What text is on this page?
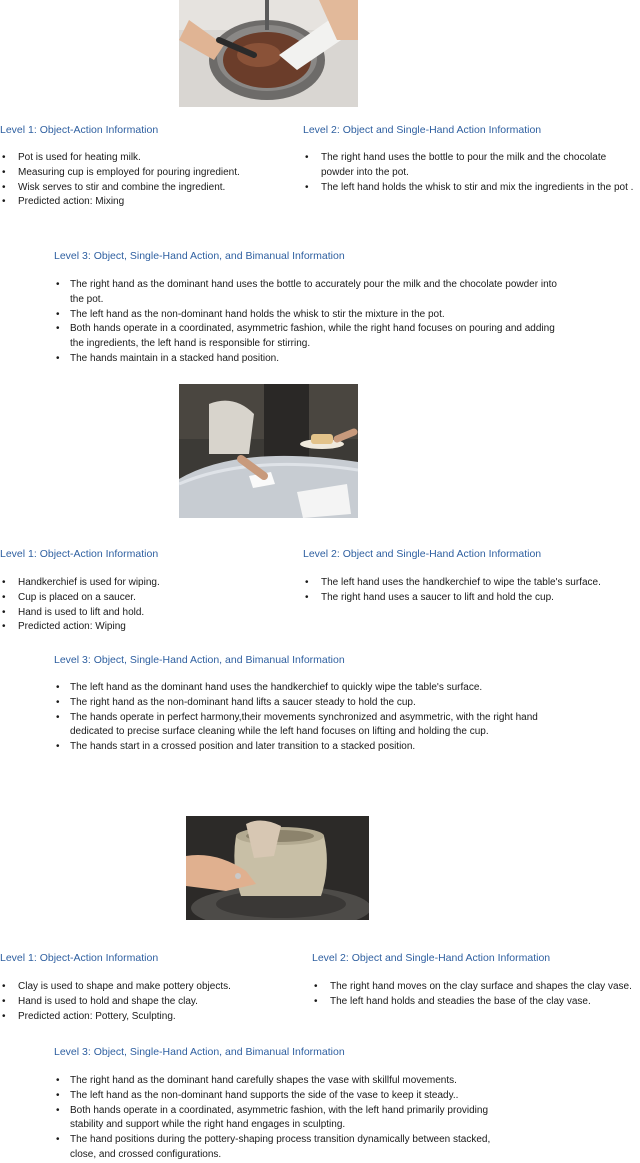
Level 1: Object-Action Information
• Pot is used for heating milk.
• Measuring cup is employed for pouring ingredient.
• Wisk serves to stir and combine the ingredient.
• Predicted action: Mixing
Level 2: Object and Single-Hand Action Information
• The right hand uses the bottle to pour the milk and the chocolate powder into the pot.
• The left hand holds the whisk to stir and mix the ingredients in the pot .
Level 3: Object, Single-Hand Action, and Bimanual Information
• The right hand as the dominant hand uses the bottle to accurately pour the milk and the chocolate powder into the pot.
• The left hand as the non-dominant hand holds the whisk to stir the mixture in the pot.
• Both hands operate in a coordinated, asymmetric fashion, while the right hand focuses on pouring and adding the ingredients, the left hand is responsible for stirring.
• The hands maintain in a stacked hand position.
Level 1: Object-Action Information
• Handkerchief is used for wiping.
• Cup is placed on a saucer.
• Hand is used to lift and hold.
• Predicted action: Wiping
Level 2: Object and Single-Hand Action Information
• The left hand uses the handkerchief to wipe the table's surface.
• The right hand uses a saucer to lift and hold the cup.
Level 3: Object, Single-Hand Action, and Bimanual Information
• The left hand as the dominant hand uses the handkerchief to quickly wipe the table's surface.
• The right hand as the non-dominant hand lifts a saucer steady to hold the cup.
• The hands operate in perfect harmony,their movements synchronized and asymmetric, with the right hand dedicated to precise surface cleaning while the left hand focuses on lifting and holding the cup.
• The hands start in a crossed position and later transition to a stacked position.
Level 1: Object-Action Information
• Clay is used to shape and make pottery objects.
• Hand is used to hold and shape the clay.
• Predicted action: Pottery, Sculpting.
Level 2: Object and Single-Hand Action Information
• The right hand moves on the clay surface and shapes the clay vase.
• The left hand holds and steadies the base of the clay vase.
Level 3: Object, Single-Hand Action, and Bimanual Information
• The right hand as the dominant hand carefully shapes the vase with skillful movements.
• The left hand as the non-dominant hand supports the side of the vase to keep it steady..
• Both hands operate in a coordinated, asymmetric fashion, with the left hand primarily providing stability and support while the right hand engages in sculpting.
• The hand positions during the pottery-shaping process transition dynamically between stacked, close, and crossed configurations.
